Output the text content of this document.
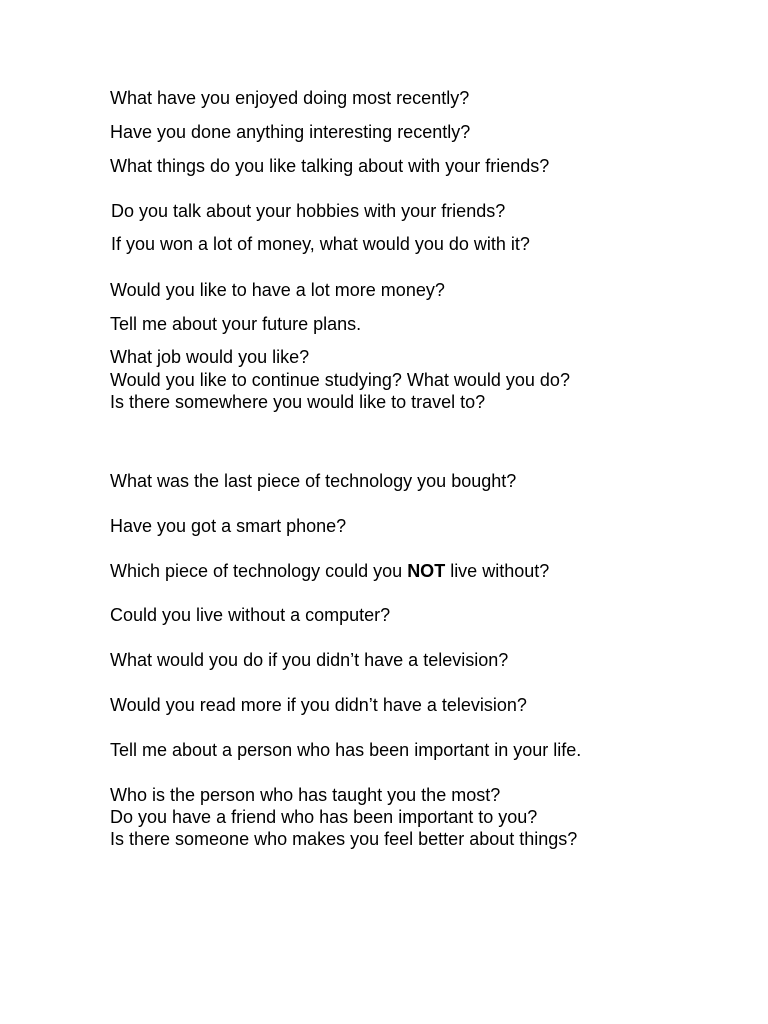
What have you enjoyed doing most recently?

Have you done anything interesting recently?

What things do you like talking about with your friends?

Do you talk about your hobbies with your friends?

If you won a lot of money, what would you do with it?

Would you like to have a lot more money?

Tell me about your future plans.

What job would you like?

Would you like to continue studying? What would you do?

Is there somewhere you would like to travel to?

What was the last piece of technology you bought?

Have you got a smart phone?

Which piece of technology could you NOT live without?

Could you live without a computer?

What would you do if you didn’t have a television?

Would you read more if you didn’t have a television?

Tell me about a person who has been important in your life.

Who is the person who has taught you the most?

Do you have a friend who has been important to you?

Is there someone who makes you feel better about things?
